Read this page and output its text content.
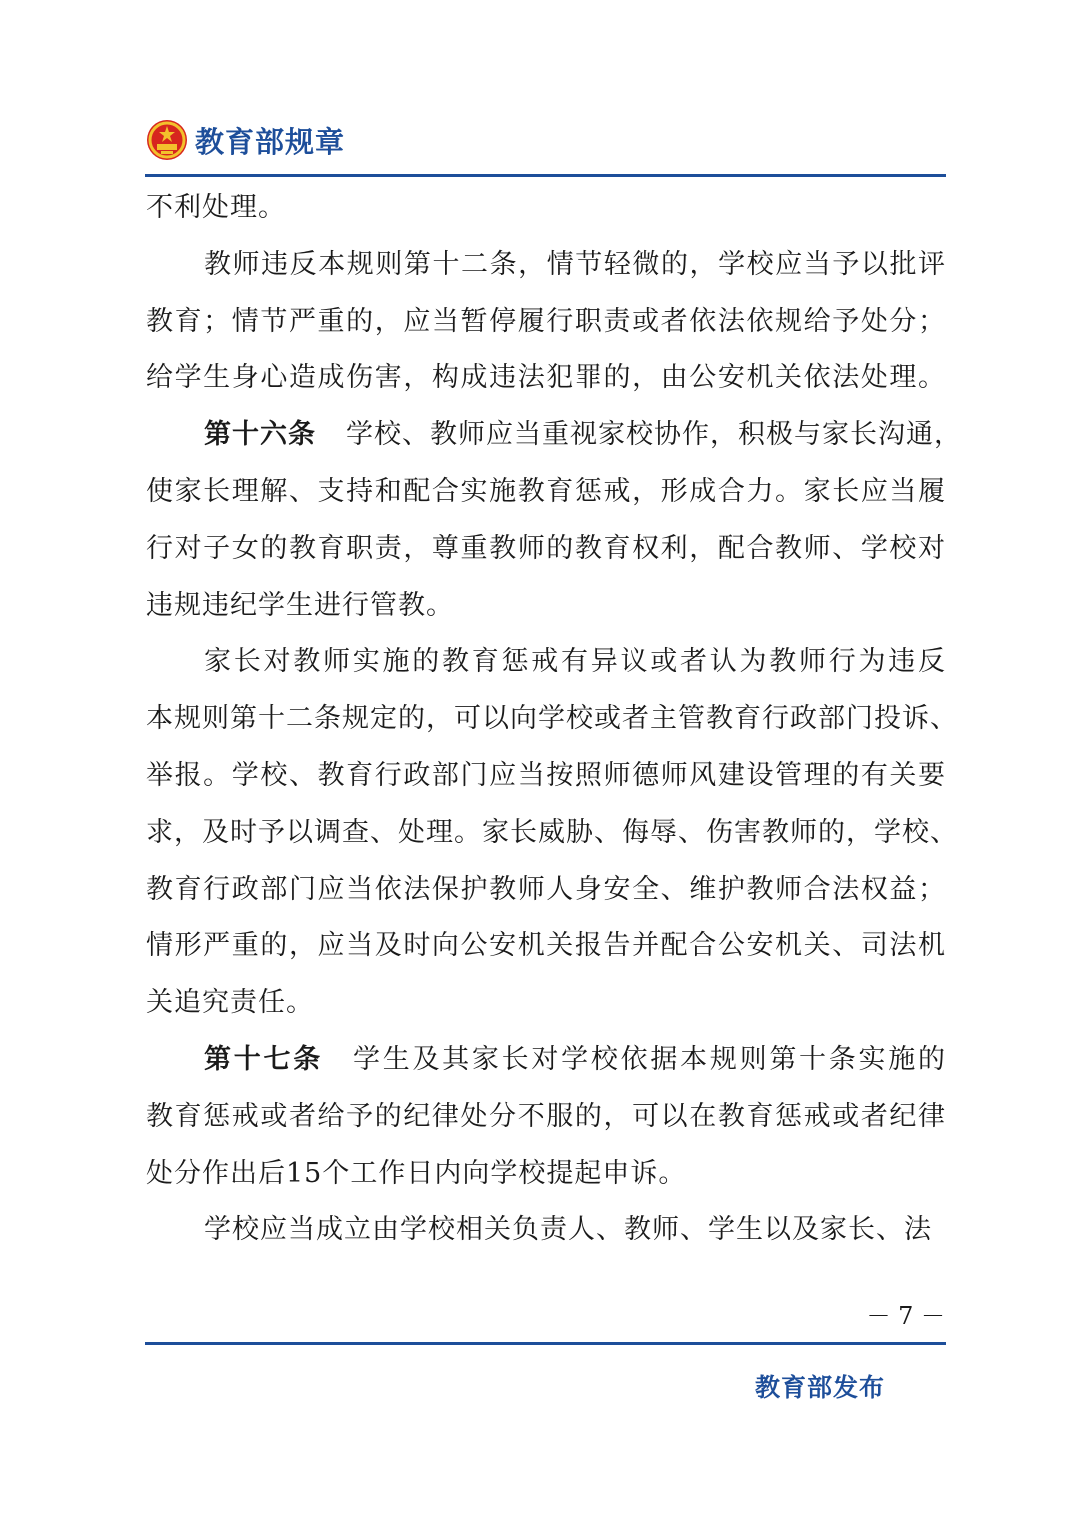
教育部规章
不利处理。
教师违反本规则第十二条，情节轻微的，学校应当予以批评
教育；情节严重的，应当暂停履行职责或者依法依规给予处分；
给学生身心造成伤害，构成违法犯罪的，由公安机关依法处理。
第十六条 学校、教师应当重视家校协作，积极与家长沟通，
使家长理解、支持和配合实施教育惩戒，形成合力。家长应当履
行对子女的教育职责，尊重教师的教育权利，配合教师、学校对
违规违纪学生进行管教。
家长对教师实施的教育惩戒有异议或者认为教师行为违反
本规则第十二条规定的，可以向学校或者主管教育行政部门投诉、
举报。学校、教育行政部门应当按照师德师风建设管理的有关要
求，及时予以调查、处理。家长威胁、侮辱、伤害教师的，学校、
教育行政部门应当依法保护教师人身安全、维护教师合法权益；
情形严重的，应当及时向公安机关报告并配合公安机关、司法机
关追究责任。
第十七条 学生及其家长对学校依据本规则第十条实施的
教育惩戒或者给予的纪律处分不服的，可以在教育惩戒或者纪律
处分作出后15个工作日内向学校提起申诉。
学校应当成立由学校相关负责人、教师、学生以及家长、法
－ 7 －
教育部发布
